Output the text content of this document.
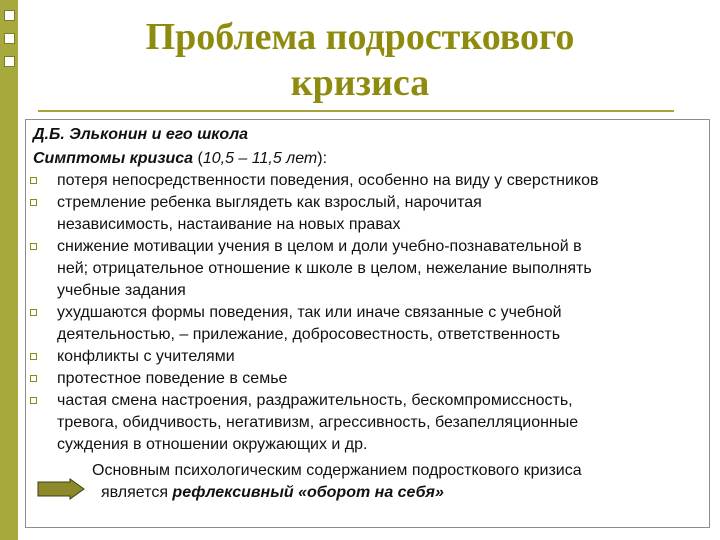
Проблема подросткового
кризиса
Д.Б. Эльконин и его школа
Симптомы кризиса (10,5 – 11,5 лет):
потеря непосредственности поведения, особенно на виду у сверстников
стремление ребенка выглядеть как взрослый, нарочитая
независимость, настаивание на новых правах
снижение мотивации учения в целом и доли учебно-познавательной в
ней; отрицательное отношение к школе в целом, нежелание выполнять
учебные задания
ухудшаются формы поведения, так или иначе связанные с учебной
деятельностью, – прилежание, добросовестность, ответственность
конфликты с учителями
протестное поведение в семье
частая смена настроения, раздражительность, бескомпромиссность,
тревога, обидчивость, негативизм, агрессивность, безапелляционные
суждения в отношении окружающих и др.
Основным психологическим содержанием подросткового кризиса
является рефлексивный «оборот на себя»
